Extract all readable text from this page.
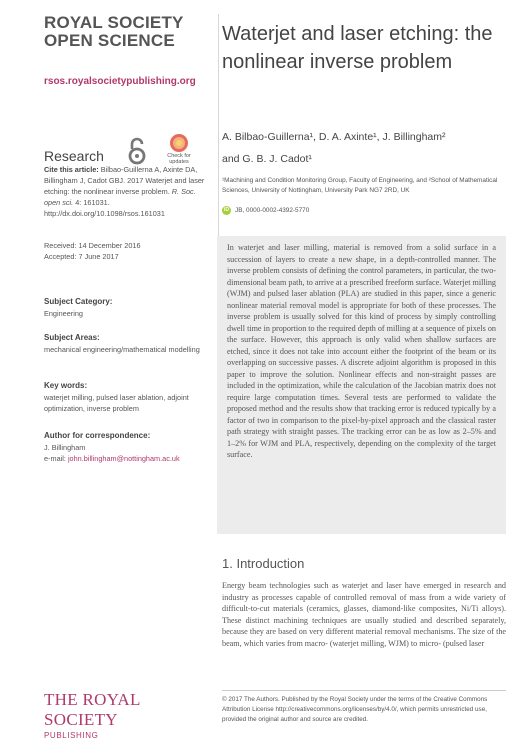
ROYAL SOCIETY
OPEN SCIENCE
rsos.royalsocietypublishing.org
Research	Check for updates
Cite this article: Bilbao-Guillerna A, Axinte DA, Billingham J, Cadot GBJ. 2017 Waterjet and laser etching: the nonlinear inverse problem. R. Soc. open sci. 4: 161031.
http://dx.doi.org/10.1098/rsos.161031
Received: 14 December 2016
Accepted: 7 June 2017
Subject Category:
Engineering
Subject Areas:
mechanical engineering/mathematical modelling
Key words:
waterjet milling, pulsed laser ablation, adjoint optimization, inverse problem
Author for correspondence:
J. Billingham
e-mail: john.billingham@nottingham.ac.uk
THE ROYAL SOCIETY
PUBLISHING
Waterjet and laser etching: the nonlinear inverse problem
A. Bilbao-Guillerna¹, D. A. Axinte¹, J. Billingham²
and G. B. J. Cadot¹
¹Machining and Condition Monitoring Group, Faculty of Engineering, and ²School of Mathematical Sciences, University of Nottingham, University Park NG7 2RD, UK
iD JB, 0000-0002-4392-5770

In waterjet and laser milling, material is removed from a solid surface in a succession of layers to create a new shape, in a depth-controlled manner. The inverse problem consists of defining the control parameters, in particular, the two-dimensional beam path, to arrive at a prescribed freeform surface. Waterjet milling (WJM) and pulsed laser ablation (PLA) are studied in this paper, since a generic nonlinear material removal model is appropriate for both of these processes. The inverse problem is usually solved for this kind of process by simply controlling dwell time in proportion to the required depth of milling at a sequence of pixels on the surface. However, this approach is only valid when shallow surfaces are etched, since it does not take into account either the footprint of the beam or its overlapping on successive passes. A discrete adjoint algorithm is proposed in this paper to improve the solution. Nonlinear effects and non-straight passes are included in the optimization, while the calculation of the Jacobian matrix does not require large computation times. Several tests are performed to validate the proposed method and the results show that tracking error is reduced typically by a factor of two in comparison to the pixel-by-pixel approach and the classical raster path strategy with straight passes. The tracking error can be as low as 2–5% and 1–2% for WJM and PLA, respectively, depending on the complexity of the target surface.

1. Introduction

Energy beam technologies such as waterjet and laser have emerged in research and industry as processes capable of controlled removal of mass from a wide variety of difficult-to-cut materials (ceramics, glasses, diamond-like composites, Ni/Ti alloys). These distinct machining techniques are usually studied and described separately, because they are based on very different material removal mechanisms. The size of the beam, which varies from macro- (waterjet milling, WJM) to micro- (pulsed laser

© 2017 The Authors. Published by the Royal Society under the terms of the Creative Commons Attribution License http://creativecommons.org/licenses/by/4.0/, which permits unrestricted use, provided the original author and source are credited.
